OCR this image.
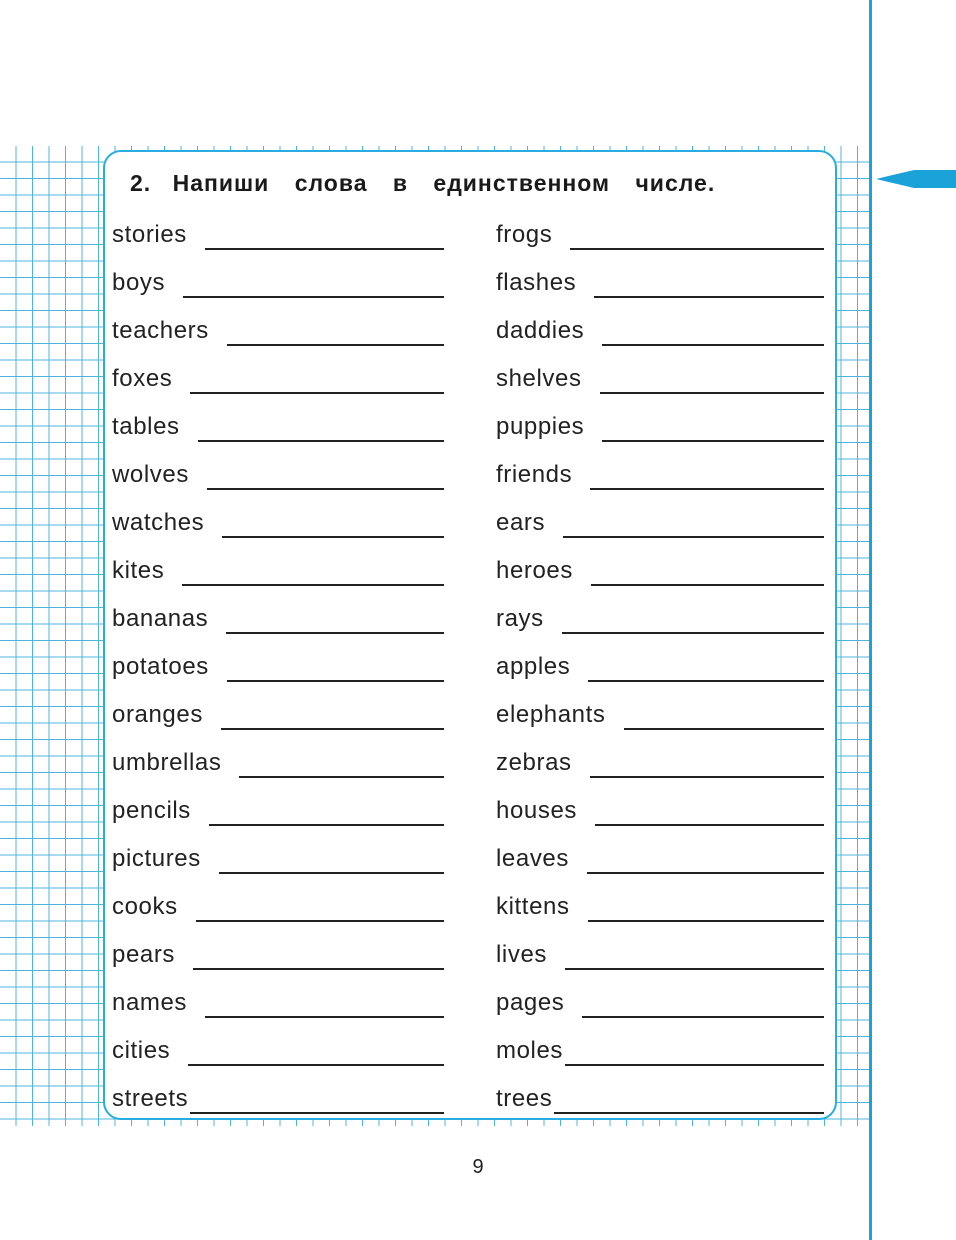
2. Напиши слова в единственном числе.
stories
boys
teachers
foxes
tables
wolves
watches
kites
bananas
potatoes
oranges
umbrellas
pencils
pictures
cooks
pears
names
cities
streets
frogs
flashes
daddies
shelves
puppies
friends
ears
heroes
rays
apples
elephants
zebras
houses
leaves
kittens
lives
pages
moles
trees
9
